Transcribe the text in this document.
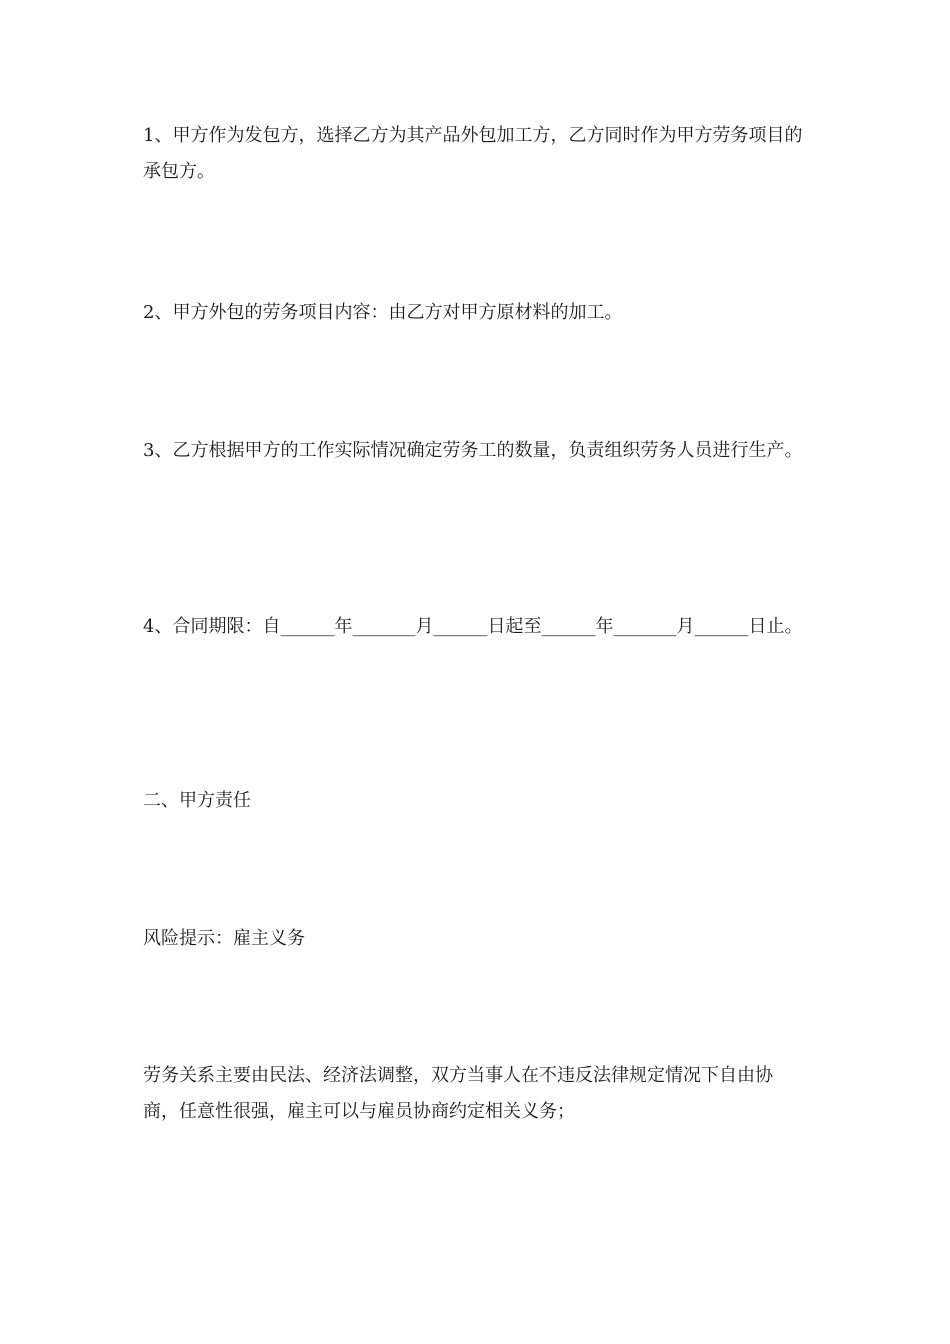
1、甲方作为发包方，选择乙方为其产品外包加工方，乙方同时作为甲方劳务项目的承包方。

2、甲方外包的劳务项目内容：由乙方对甲方原材料的加工。

3、乙方根据甲方的工作实际情况确定劳务工的数量，负责组织劳务人员进行生产。

4、合同期限：自______年_______月______日起至______年_______月______日止。

二、甲方责任

风险提示：雇主义务

劳务关系主要由民法、经济法调整，双方当事人在不违反法律规定情况下自由协商，任意性很强，雇主可以与雇员协商约定相关义务；
